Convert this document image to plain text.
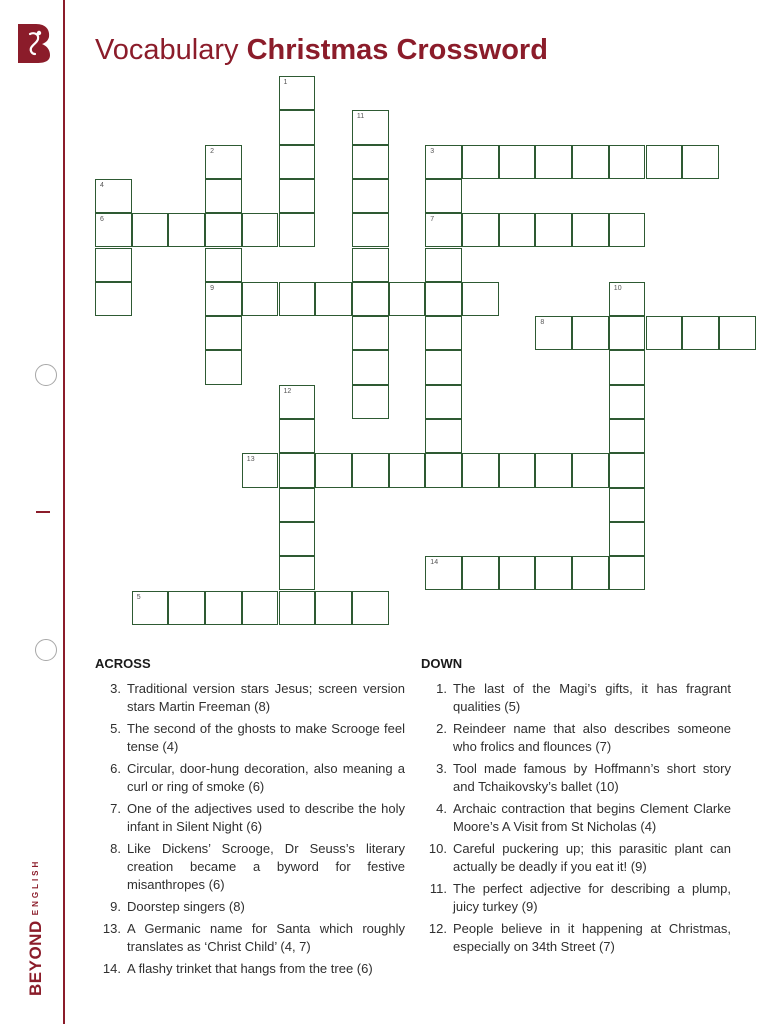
BEYONDENGLISH
Vocabulary Christmas Crossword
1
11
2
9
3
7
4
6
10
8
12
13
14
5
ACROSS	DOWN
3. Traditional version stars Jesus; screen version stars Martin Freeman (8)
5. The second of the ghosts to make Scrooge feel tense (4)
6. Circular, door-hung decoration, also meaning a curl or ring of smoke (6)
7. One of the adjectives used to describe the holy infant in Silent Night (6)
8. Like Dickens’ Scrooge, Dr Seuss’s literary creation became a byword for festive misanthropes (6)
9. Doorstep singers (8)
13. A Germanic name for Santa which roughly translates as ‘Christ Child’ (4, 7)
14. A flashy trinket that hangs from the tree (6)
1. The last of the Magi’s gifts, it has fragrant qualities (5)
2. Reindeer name that also describes someone who frolics and flounces (7)
3. Tool made famous by Hoffmann’s short story and Tchaikovsky’s ballet (10)
4. Archaic contraction that begins Clement Clarke Moore’s A Visit from St Nicholas (4)
10. Careful puckering up; this parasitic plant can actually be deadly if you eat it! (9)
11. The perfect adjective for describing a plump, juicy turkey (9)
12. People believe in it happening at Christmas, especially on 34th Street (7)
